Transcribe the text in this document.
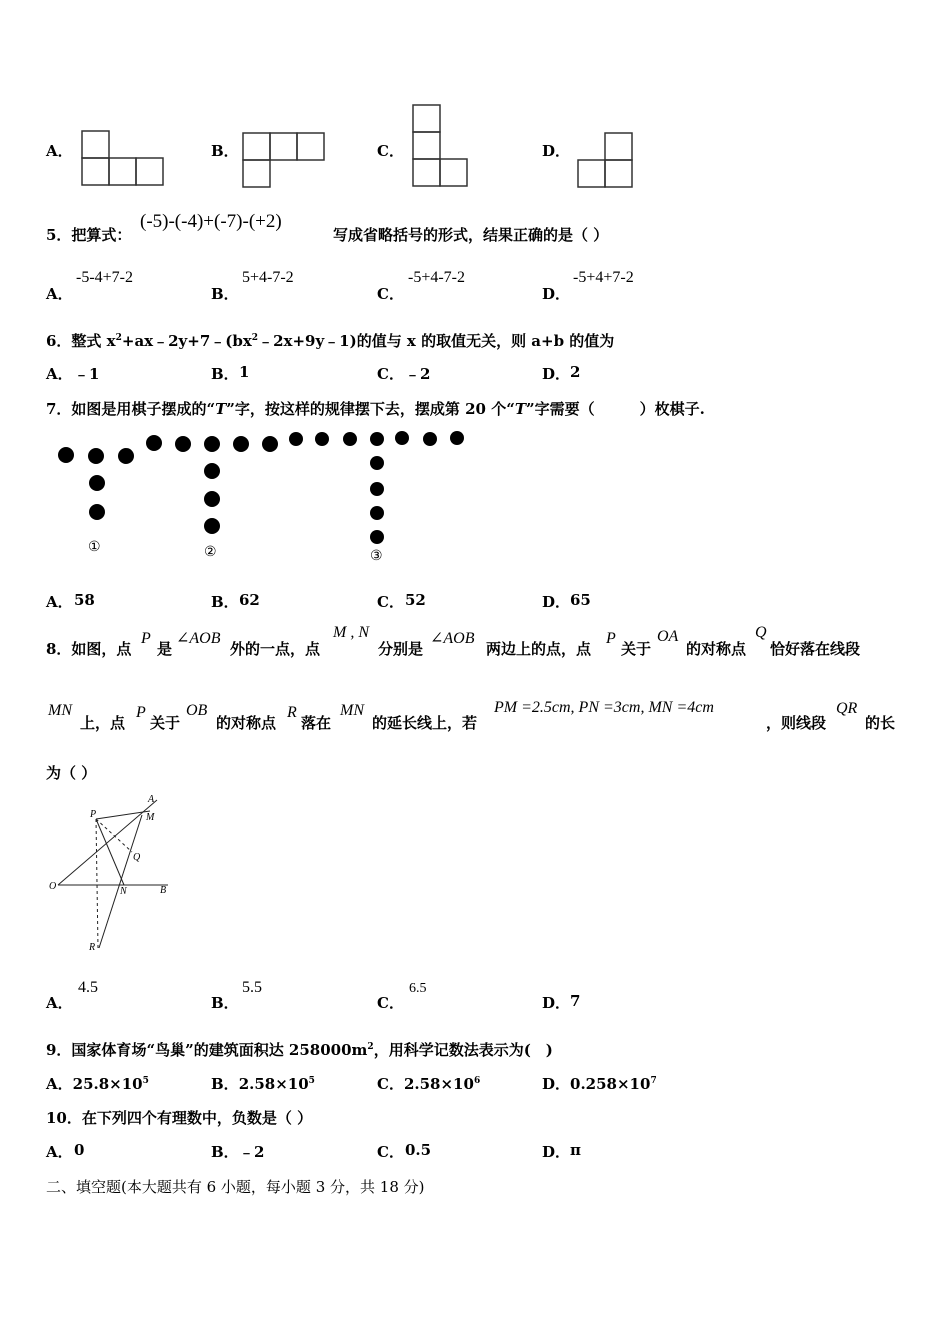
A．	B．	C．	D．
5．把算式：
(-5)-(-4)+(-7)-(+2)
写成省略括号的形式，结果正确的是（ ）
A．
-5-4+7-2
B．
5+4-7-2
C．
-5+4-7-2
D．
-5+4+7-2
6．整式 $x^2+ax﹣2y+7﹣(bx^2﹣2x+9y﹣1)$的值与 x 的取值无关，则 a+b 的值为
A． ﹣1	B． 1	C． ﹣2	D． 2
7．如图是用棋子摆成的“T”字，按这样的规律摆下去，摆成第 20 个“T”字需要（　　　）枚棋子.
①	②	③
A． 58	B． 62	C． 52	D． 65
8．如图，点
P
是
∠AOB
外的一点，点
M , N
分别是
∠AOB
两边上的点，点
P
关于
OA
的对称点
Q
恰好落在线段
MN
上，点
P
关于
OB
的对称点
R
落在
MN
的延长线上，若
PM =2.5cm, PN =3cm, MN =4cm
，则线段
QR
的长
为（ ）
P
A
M
Q
O	N	B
R
A．
4.5
B．
5.5
C．
6.5
D． 7
9．国家体育场“鸟巢”的建筑面积达 $258000m^2$，用科学记数法表示为(　)
A．$25.8\times 10^5$	B．$2.58\times 10^5$	C．$2.58\times 10^6$	D．$0.258\times 10^7$
10．在下列四个有理数中，负数是（ ）
A． 0	B． ﹣2	C． 0.5	D． π
二、填空题(本大题共有 6 小题，每小题 3 分，共 18 分)
